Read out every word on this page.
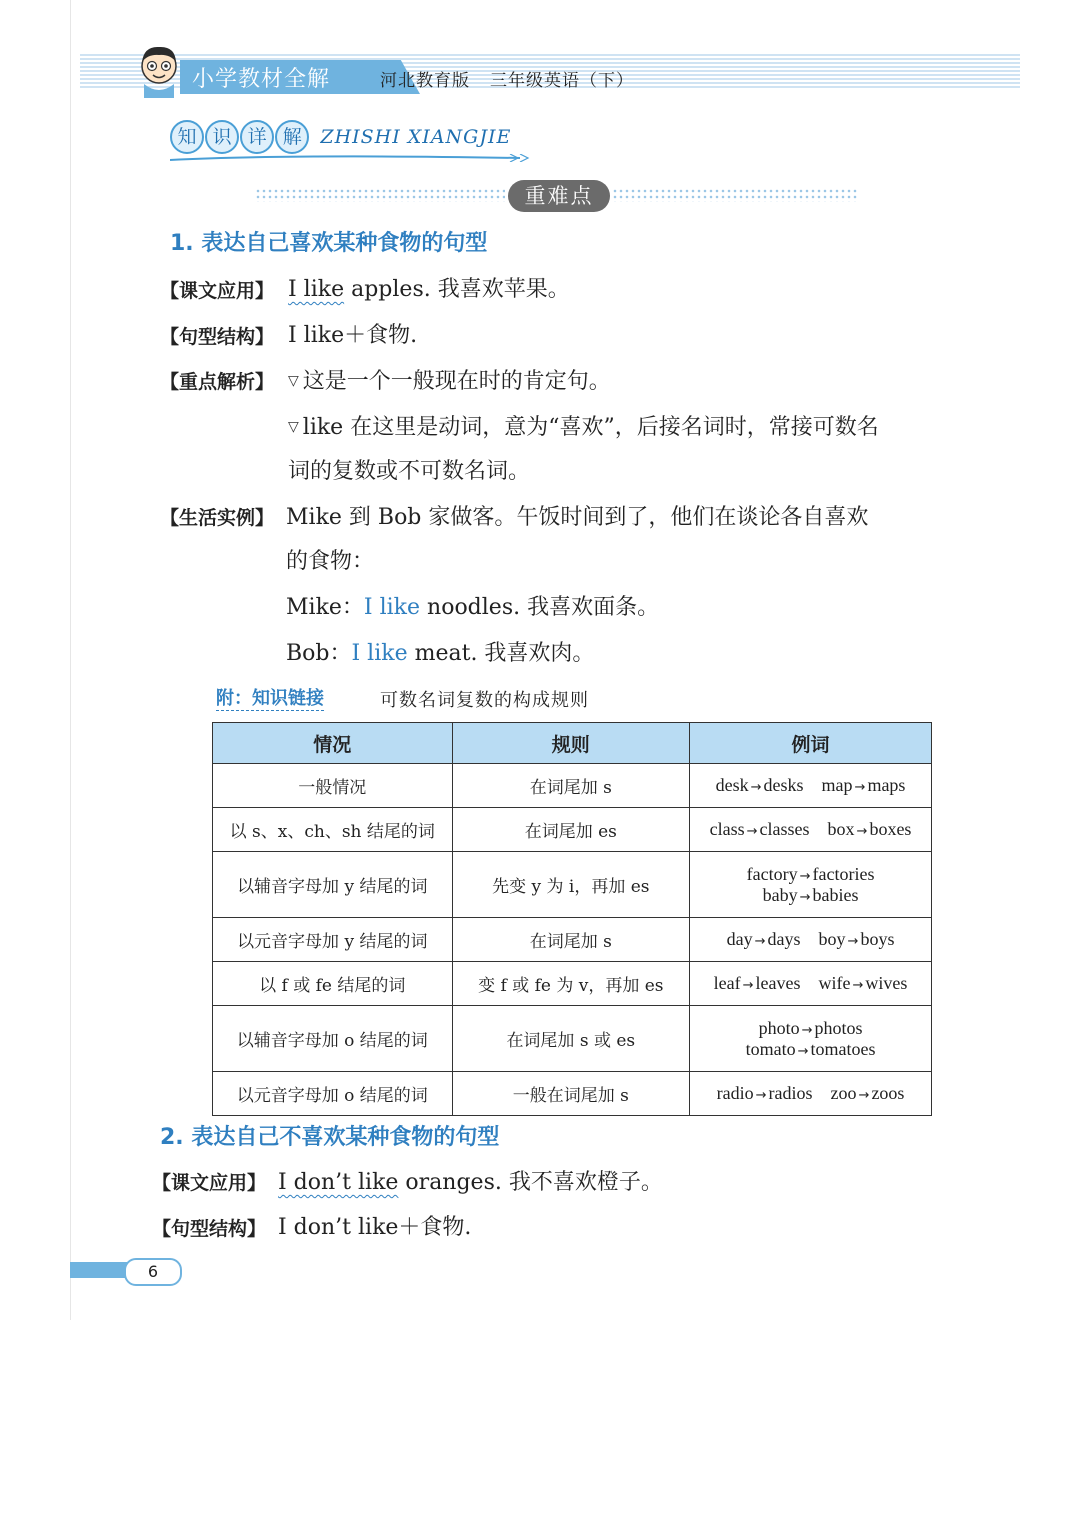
小学教材全解	河北教育版 三年级英语（下）
知 识 详 解 ZHISHI XIANGJIE
重难点
1. 表达自己喜欢某种食物的句型
【课文应用】 I like apples. 我喜欢苹果。
【句型结构】 I like＋食物.
【重点解析】 ▽ 这是一个一般现在时的肯定句。
▽ like 在这里是动词，意为“喜欢”，后接名词时，常接可数名
词的复数或不可数名词。
【生活实例】 Mike 到 Bob 家做客。午饭时间到了，他们在谈论各自喜欢
的食物：
Mike：I like noodles. 我喜欢面条。
Bob：I like meat. 我喜欢肉。
附：知识链接	可数名词复数的构成规则
情况	规则	例词
一般情况	在词尾加 s	desk → desks map → maps
以 s、x、ch、sh 结尾的词	在词尾加 es	class → classes box → boxes
以辅音字母加 y 结尾的词	先变 y 为 i，再加 es	factory → factories
baby → babies

以元音字母加 y 结尾的词	在词尾加 s	day → days boy → boys
以 f 或 fe 结尾的词	变 f 或 fe 为 v，再加 es	leaf → leaves wife → wives
以辅音字母加 o 结尾的词	在词尾加 s 或 es	photo → photos
tomato → tomatoes

以元音字母加 o 结尾的词	一般在词尾加 s	radio → radios zoo → zoos
2. 表达自己不喜欢某种食物的句型
【课文应用】 I don’t like oranges. 我不喜欢橙子。
【句型结构】 I don’t like＋食物.
6
